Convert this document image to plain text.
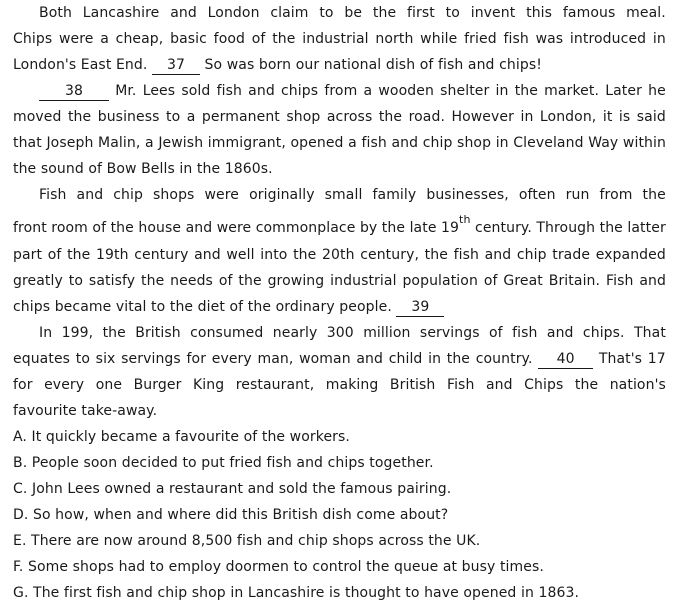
Both Lancashire and London claim to be the first to invent this famous meal.
Chips were a cheap, basic food of the industrial north while fried fish was introduced in
London's East End. 37 So was born our national dish of fish and chips!
38	Mr. Lees sold fish and chips from a wooden shelter in the market. Later he
moved the business to a permanent shop across the road. However in London, it is said
that Joseph Malin, a Jewish immigrant, opened a fish and chip shop in Cleveland Way within
the sound of Bow Bells in the 1860s.
Fish and chip shops were originally small family businesses, often run from the
front room of the house and were commonplace by the late 19th
century. Through the latter
part of the 19th century and well into the 20th century, the fish and chip trade expanded
greatly to satisfy the needs of the growing industrial population of Great Britain. Fish and
chips became vital to the diet of the ordinary people. 39
In 199, the British consumed nearly 300 million servings of fish and chips. That
equates to six servings for every man, woman and child in the country.	40	That's 17
for every one Burger King restaurant, making British Fish and Chips the nation's
favourite take-away.
A. It quickly became a favourite of the workers.
B. People soon decided to put fried fish and chips together.
C. John Lees owned a restaurant and sold the famous pairing.
D. So how, when and where did this British dish come about?
E. There are now around 8,500 fish and chip shops across the UK.
F. Some shops had to employ doormen to control the queue at busy times.
G. The first fish and chip shop in Lancashire is thought to have opened in 1863.
